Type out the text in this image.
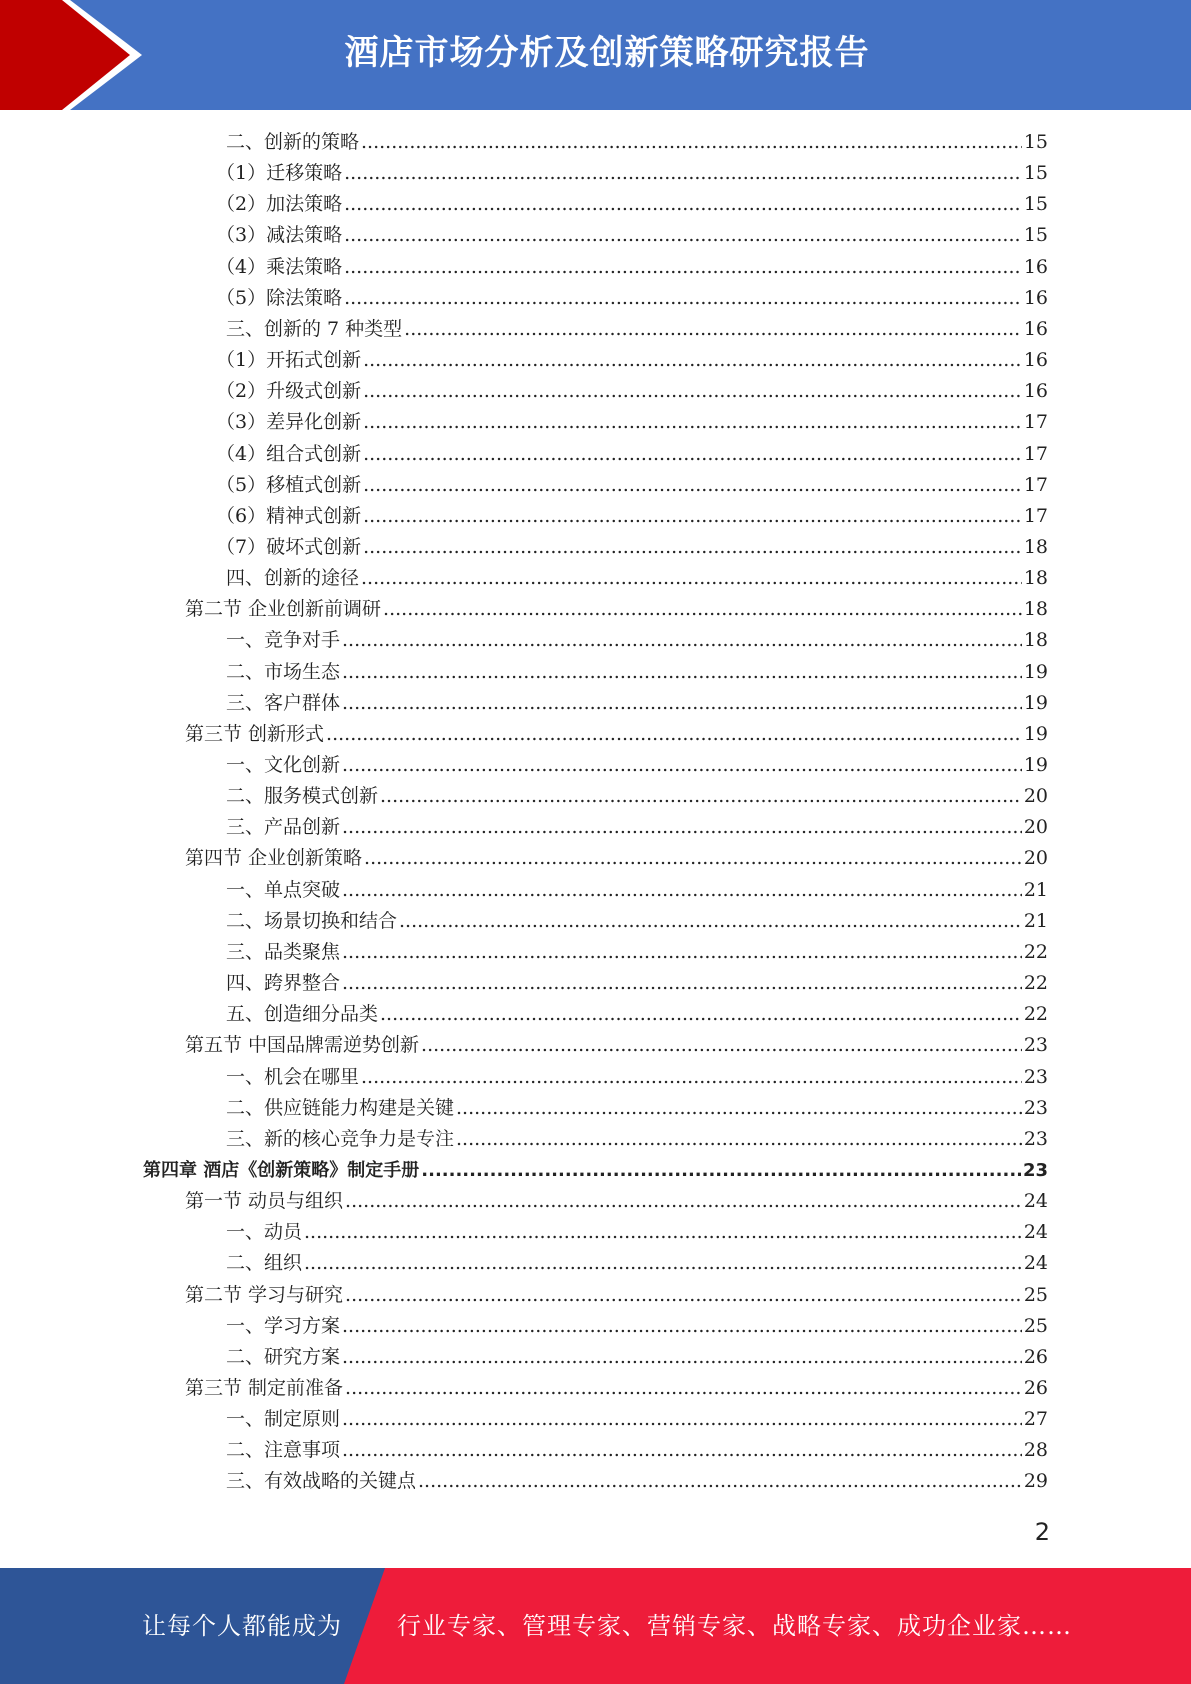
酒店市场分析及创新策略研究报告
二、创新的策略 .....	15
（1）迁移策略 .....	15
（2）加法策略 .....	15
（3）减法策略 .....	15
（4）乘法策略 .....	16
（5）除法策略 .....	16
三、创新的 7 种类型 .....	16
（1）开拓式创新 .....	16
（2）升级式创新 .....	16
（3）差异化创新 .....	17
（4）组合式创新 .....	17
（5）移植式创新 .....	17
（6）精神式创新 .....	17
（7）破坏式创新 .....	18
四、创新的途径 .....	18
第二节 企业创新前调研 .....	18
一、竞争对手 .....	18
二、市场生态 .....	19
三、客户群体 .....	19
第三节 创新形式 .....	19
一、文化创新 .....	19
二、服务模式创新 .....	20
三、产品创新 .....	20
第四节 企业创新策略 .....	20
一、单点突破 .....	21
二、场景切换和结合 .....	21
三、品类聚焦 .....	22
四、跨界整合 .....	22
五、创造细分品类 .....	22
第五节 中国品牌需逆势创新 .....	23
一、机会在哪里 .....	23
二、供应链能力构建是关键 .....	23
三、新的核心竞争力是专注 .....	23
第四章 酒店《创新策略》制定手册 .....	23
第一节 动员与组织 .....	24
一、动员 .....	24
二、组织 .....	24
第二节 学习与研究 .....	25
一、学习方案 .....	25
二、研究方案 .....	26
第三节 制定前准备 .....	26
一、制定原则 .....	27
二、注意事项 .....	28
三、有效战略的关键点 .....	29
2
让每个人都能成为 行业专家、管理专家、营销专家、战略专家、成功企业家……
